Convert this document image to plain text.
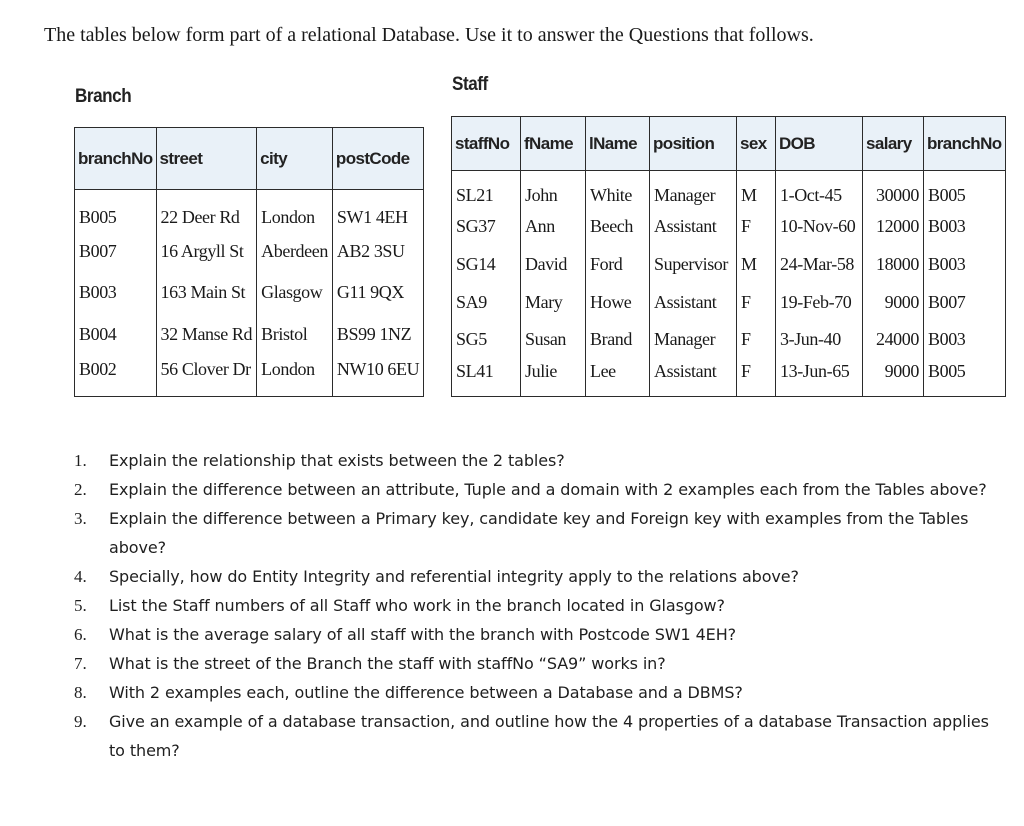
The tables below form part of a relational Database. Use it to answer the Questions that follows.
Branch
branchNo	street	city	postCode
B005	22 Deer Rd	London	SW1 4EH
B007	16 Argyll St	Aberdeen	AB2 3SU
B003	163 Main St	Glasgow	G11 9QX
B004	32 Manse Rd	Bristol	BS99 1NZ
B002	56 Clover Dr	London	NW10 6EU
Staff
staffNo	fName	lName	position	sex	DOB	salary	branchNo
SL21	John	White	Manager	M	1-Oct-45	30000	B005
SG37	Ann	Beech	Assistant	F	10-Nov-60	12000	B003
SG14	David	Ford	Supervisor	M	24-Mar-58	18000	B003
SA9	Mary	Howe	Assistant	F	19-Feb-70	9000	B007
SG5	Susan	Brand	Manager	F	3-Jun-40	24000	B003
SL41	Julie	Lee	Assistant	F	13-Jun-65	9000	B005
1.	Explain the relationship that exists between the 2 tables?
2.	Explain the difference between an attribute, Tuple and a domain with 2 examples each from the Tables above?
3.	Explain the difference between a Primary key, candidate key and Foreign key with examples from the Tables above?
4.	Specially, how do Entity Integrity and referential integrity apply to the relations above?
5.	List the Staff numbers of all Staff who work in the branch located in Glasgow?
6.	What is the average salary of all staff with the branch with Postcode SW1 4EH?
7.	What is the street of the Branch the staff with staffNo “SA9” works in?
8.	With 2 examples each, outline the difference between a Database and a DBMS?
9.	Give an example of a database transaction, and outline how the 4 properties of a database Transaction applies to them?
